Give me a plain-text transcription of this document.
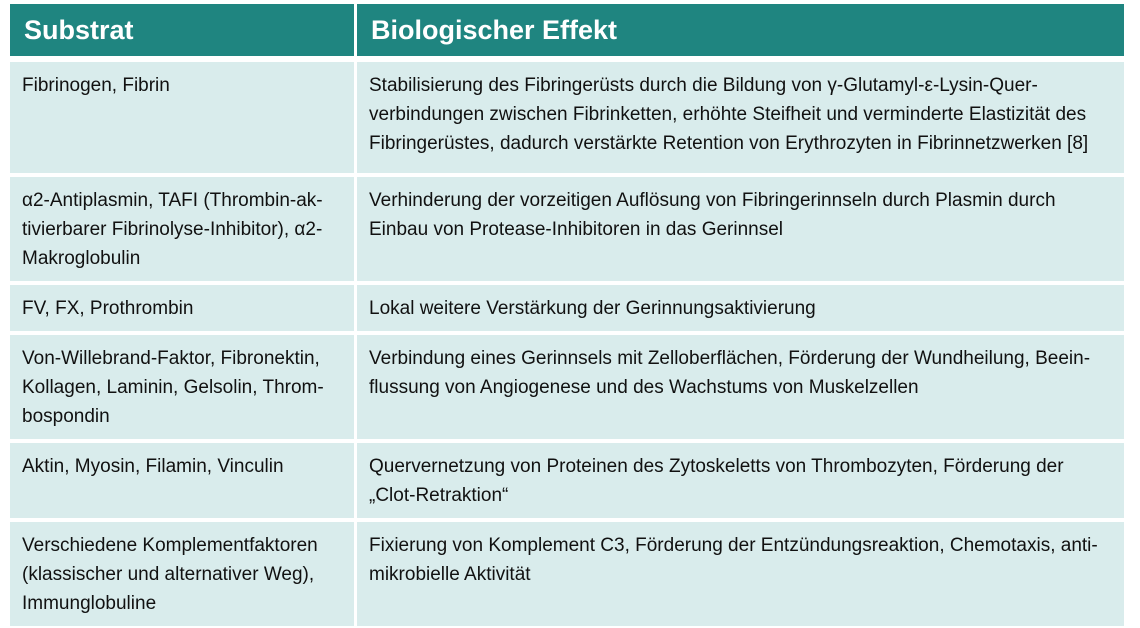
Substrat	Biologischer Effekt
Fibrinogen, Fibrin	Stabilisierung des Fibringerüsts durch die Bildung von γ-Glutamyl-ε-Lysin-Quer-verbindungen zwischen Fibrinketten, erhöhte Steifheit und verminderte Elastizität des Fibringerüstes, dadurch verstärkte Retention von Erythrozyten in Fibrinnetzwerken [8]
α2-Antiplasmin, TAFI (Thrombin-ak-tivierbarer Fibrinolyse-Inhibitor), α2-Makroglobulin	Verhinderung der vorzeitigen Auflösung von Fibringerinnseln durch Plasmin durch Einbau von Protease-Inhibitoren in das Gerinnsel
FV, FX, Prothrombin	Lokal weitere Verstärkung der Gerinnungsaktivierung
Von-Willebrand-Faktor, Fibronektin, Kollagen, Laminin, Gelsolin, Throm-bospondin	Verbindung eines Gerinnsels mit Zelloberflächen, Förderung der Wundheilung, Beein-flussung von Angiogenese und des Wachstums von Muskelzellen
Aktin, Myosin, Filamin, Vinculin	Quervernetzung von Proteinen des Zytoskeletts von Thrombozyten, Förderung der „Clot-Retraktion“
Verschiedene Komplementfaktoren (klassischer und alternativer Weg), Immunglobuline	Fixierung von Komplement C3, Förderung der Entzündungsreaktion, Chemotaxis, anti-mikrobielle Aktivität
